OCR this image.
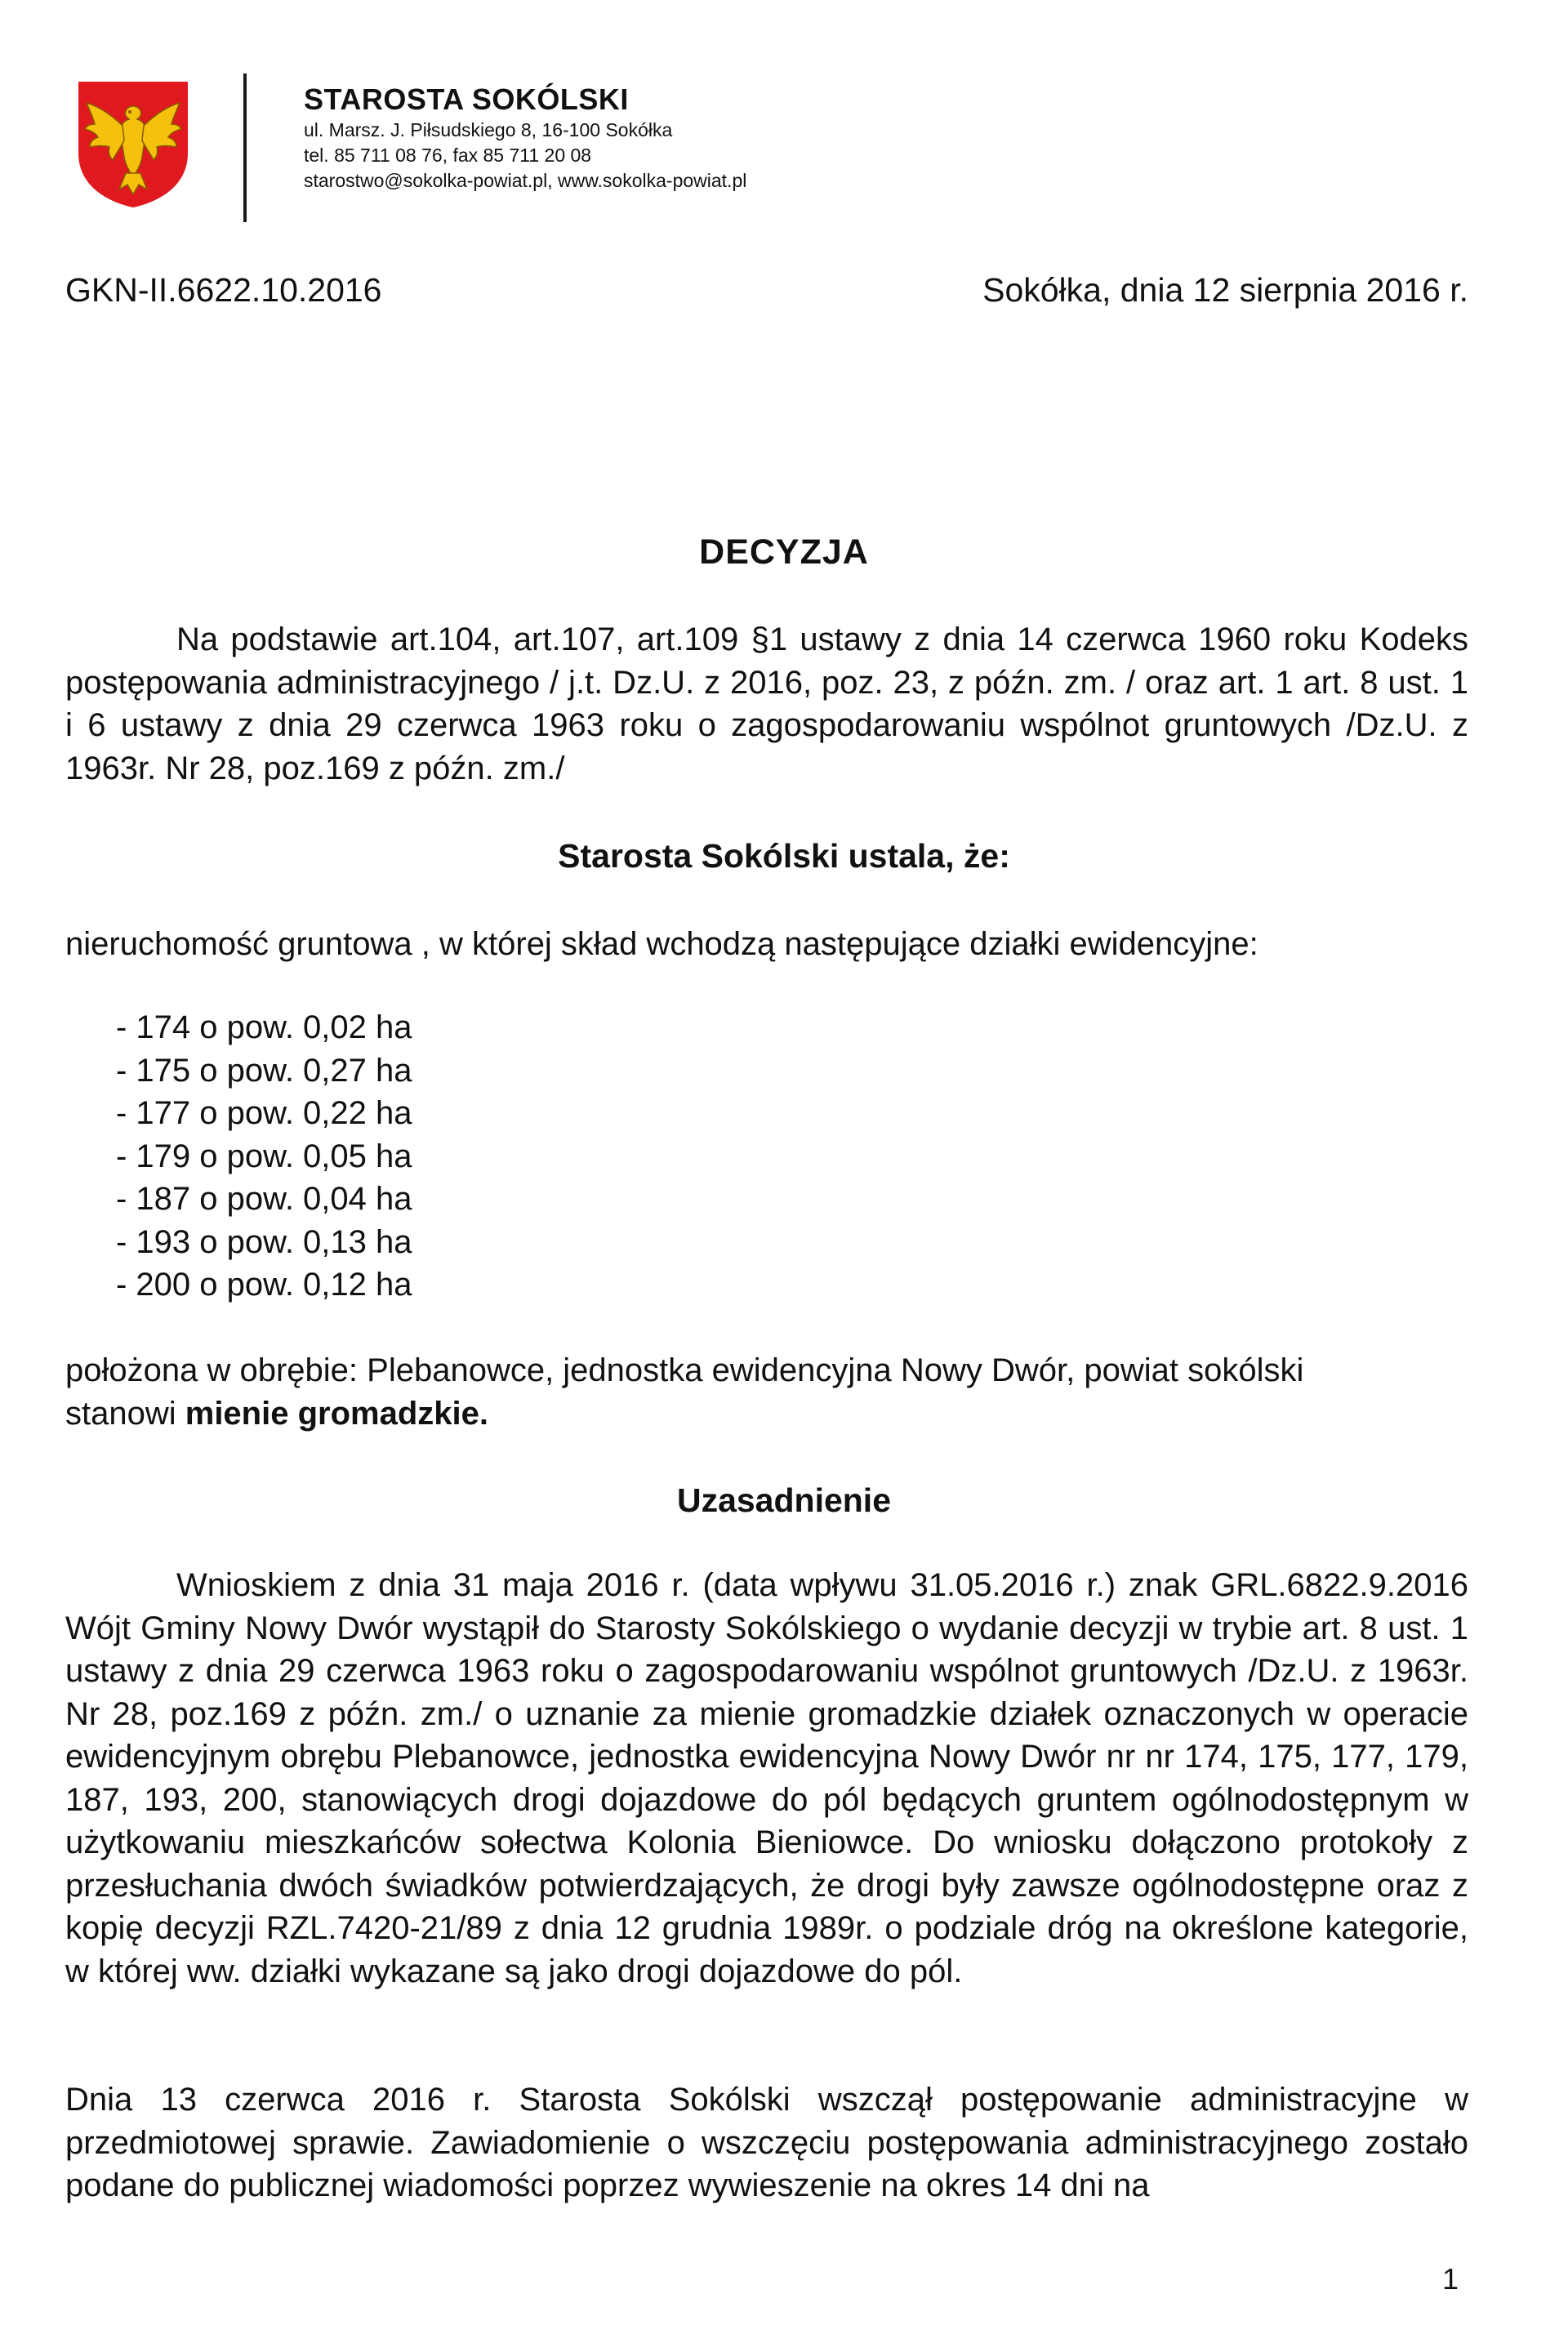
STAROSTA SOKÓLSKI
ul. Marsz. J. Piłsudskiego 8, 16-100 Sokółka
tel. 85 711 08 76, fax 85 711 20 08
starostwo@sokolka-powiat.pl, www.sokolka-powiat.pl
GKN-II.6622.10.2016	Sokółka, dnia 12 sierpnia 2016 r.
DECYZJA
Na podstawie art.104, art.107, art.109 §1 ustawy z dnia 14 czerwca 1960 roku Kodeks postępowania administracyjnego / j.t. Dz.U. z 2016, poz. 23, z późn. zm. / oraz art. 1 art. 8 ust. 1 i 6 ustawy z dnia 29 czerwca 1963 roku o zagospodarowaniu wspólnot gruntowych /Dz.U. z 1963r. Nr 28, poz.169 z późn. zm./
Starosta Sokólski ustala, że:
nieruchomość gruntowa , w której skład wchodzą następujące działki ewidencyjne:
- 174 o pow. 0,02 ha
- 175 o pow. 0,27 ha
- 177 o pow. 0,22 ha
- 179 o pow. 0,05 ha
- 187 o pow. 0,04 ha
- 193 o pow. 0,13 ha
- 200 o pow. 0,12 ha
położona w obrębie: Plebanowce, jednostka ewidencyjna Nowy Dwór, powiat sokólski
stanowi mienie gromadzkie.
Uzasadnienie
Wnioskiem z dnia 31 maja 2016 r. (data wpływu 31.05.2016 r.) znak GRL.6822.9.2016 Wójt Gminy Nowy Dwór wystąpił do Starosty Sokólskiego o wydanie decyzji w trybie art. 8 ust. 1 ustawy z dnia 29 czerwca 1963 roku o zagospodarowaniu wspólnot gruntowych /Dz.U. z 1963r. Nr 28, poz.169 z późn. zm./ o uznanie za mienie gromadzkie działek oznaczonych w operacie ewidencyjnym obrębu Plebanowce, jednostka ewidencyjna Nowy Dwór nr nr 174, 175, 177, 179, 187, 193, 200, stanowiących drogi dojazdowe do pól będących gruntem ogólnodostępnym w użytkowaniu mieszkańców sołectwa Kolonia Bieniowce. Do wniosku dołączono protokoły z przesłuchania dwóch świadków potwierdzających, że drogi były zawsze ogólnodostępne oraz z kopię decyzji RZL.7420-21/89 z dnia 12 grudnia 1989r. o podziale dróg na określone kategorie, w której ww. działki wykazane są jako drogi dojazdowe do pól.
Dnia 13 czerwca 2016 r. Starosta Sokólski wszczął postępowanie administracyjne w przedmiotowej sprawie. Zawiadomienie o wszczęciu postępowania administracyjnego zostało podane do publicznej wiadomości poprzez wywieszenie na okres 14 dni na
1
